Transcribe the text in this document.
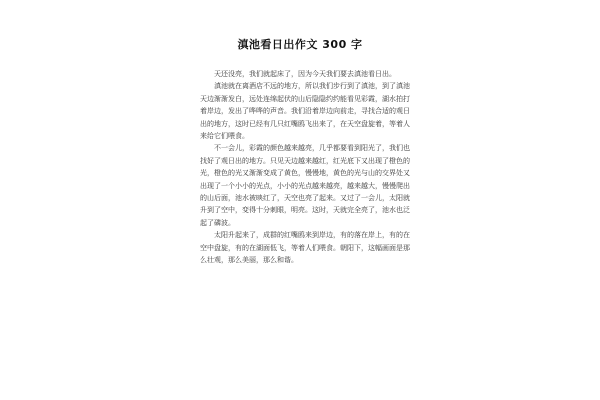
滇池看日出作文 300 字

天还没亮，我们就起床了，因为今天我们要去滇池看日出。

滇池就在离酒店不远的地方，所以我们步行到了滇池，到了滇池天边渐渐发白，远处连绵起伏的山后隐隐约约能看见彩霞，湖水拍打着岸边，发出了哗哗的声音。我们沿着岸边向前走，寻找合适的观日出的地方，这时已经有几只红嘴鸥飞出来了，在天空盘旋着，等着人来给它们喂食。

不一会儿，彩霞的颜色越来越亮，几乎都要看到阳光了，我们也找好了观日出的地方。只见天边越来越红，红光底下又出现了橙色的光，橙色的光又渐渐变成了黄色，慢慢地，黄色的光与山的交界处又出现了一个小小的光点，小小的光点越来越亮，越来越大，慢慢爬出的山后面，池水被映红了，天空也亮了起来。又过了一会儿，太阳就升到了空中，变得十分刺眼，明亮。这时，天就完全亮了，池水也泛起了磷波。

太阳升起来了，成群的红嘴鸥来到岸边，有的落在岸上，有的在空中盘旋，有的在湖面低飞，等着人们喂食。朝阳下，这幅画面是那么壮观，那么美丽，那么和谐。
